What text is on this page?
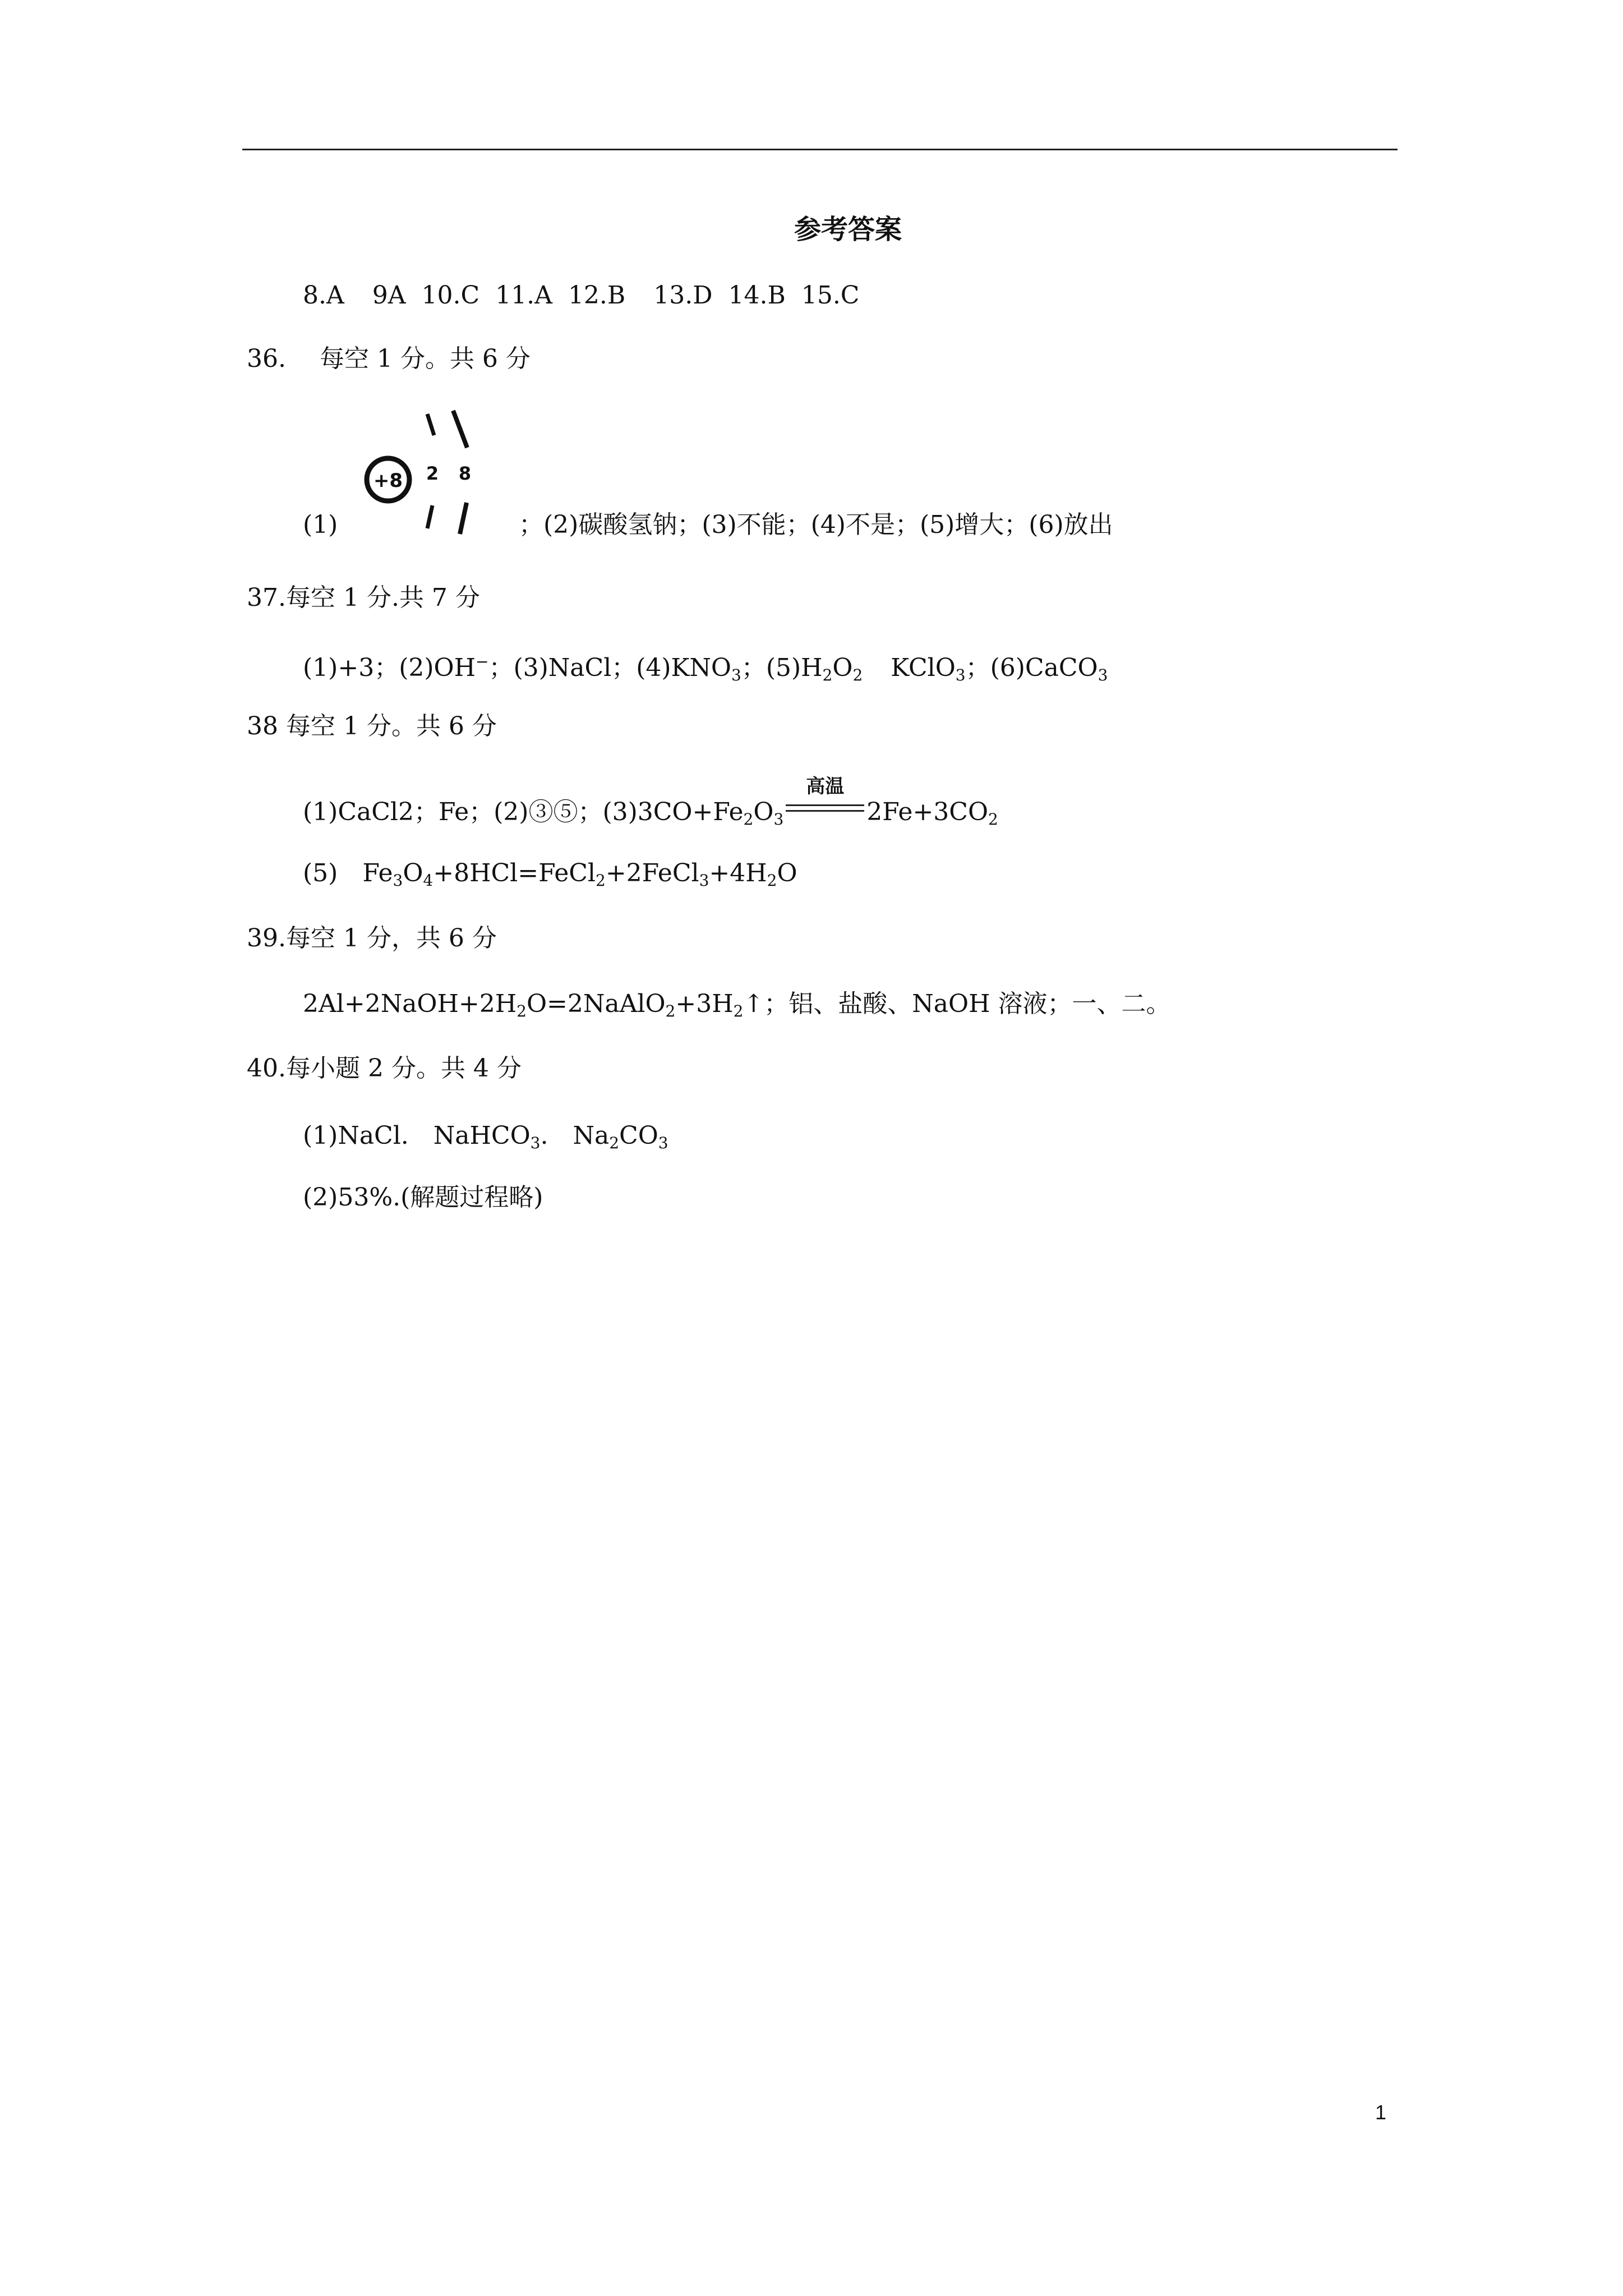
参考答案
8.A 9A 10.C 11.A 12.B 13.D 14.B 15.C
36. 每空 1 分。共 6 分
+8 2 8
(1)	；(2)碳酸氢钠；(3)不能；(4)不是；(5)增大；(6)放出
37.每空 1 分.共 7 分
(1)+3；(2)OH−；(3)NaCl；$(4)KNO_3$；$(5)H_2O_2$ KClO$_3$；(6)CaCO$_3$
38 每空 1 分。共 6 分
(1)CaCl2；Fe；(2)③⑤；$(3)3CO+Fe_2O_3$
高温
$2Fe+3CO_2$
(5) $Fe_3O_4+8HCl=FeCl_2+2FeCl_3+4H_2O$
39.每空 1 分，共 6 分
$2Al+2NaOH+2H_2O=2NaAlO_2+3H_2↑$；铝、盐酸、NaOH 溶液；一、二。
40.每小题 2 分。共 4 分
(1)NaCl. NaHCO$_3$. $Na_2CO_3$
(2)53%.(解题过程略)
1
